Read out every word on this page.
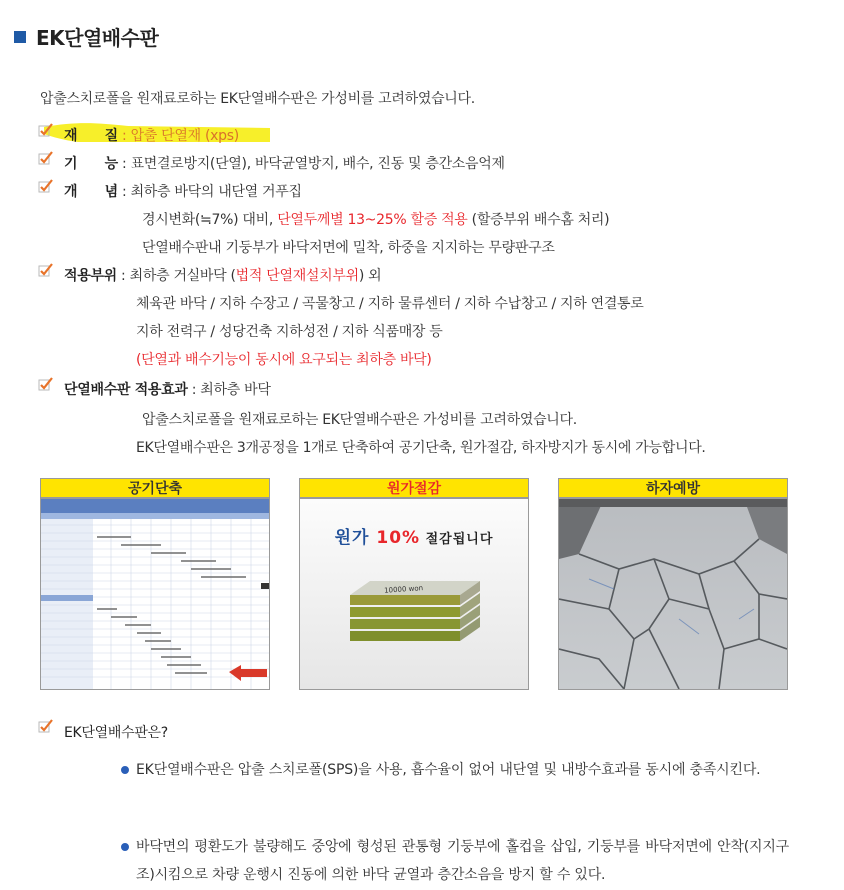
EK단열배수판
압출스치로폴을 원재료로하는 EK단열배수판은 가성비를 고려하였습니다.
재　　질 : 압출 단열재 (xps)
기　　능 : 표면결로방지(단열), 바닥균열방지, 배수, 진동 및 층간소음억제
개　　념 : 최하층 바닥의 내단열 거푸집
경시변화(≒7%) 대비, 단열두께별 13~25% 할증 적용 (할증부위 배수홈 처리)
단열배수판내 기둥부가 바닥저면에 밀착, 하중을 지지하는 무량판구조
적용부위 : 최하층 거실바닥 (법적 단열재설치부위) 외
체육관 바닥 / 지하 수장고 / 곡물창고 / 지하 물류센터 / 지하 수납창고 / 지하 연결통로
지하 전력구 / 성당건축 지하성전 / 지하 식품매장 등
(단열과 배수기능이 동시에 요구되는 최하층 바닥)
단열배수판 적용효과 : 최하층 바닥
압출스치로폴을 원재료로하는 EK단열배수판은 가성비를 고려하였습니다.
EK단열배수판은 3개공정을 1개로 단축하여 공기단축, 원가절감, 하자방지가 동시에 가능합니다.
공기단축	원가절감
원가 10% 절감됩니다
10000 won
하자예방
EK단열배수판은?
EK단열배수판은 압출 스치로폴(SPS)을 사용, 흡수율이 없어 내단열 및 내방수효과를 동시에 충족시킨다.
바닥면의 평환도가 불량해도 중앙에 형성된 관통형 기둥부에 홀컵을 삽입, 기둥부를 바닥저면에 안착(지지구조)시킴으로 차량 운행시 진동에 의한 바닥 균열과 층간소음을 방지 할 수 있다.
